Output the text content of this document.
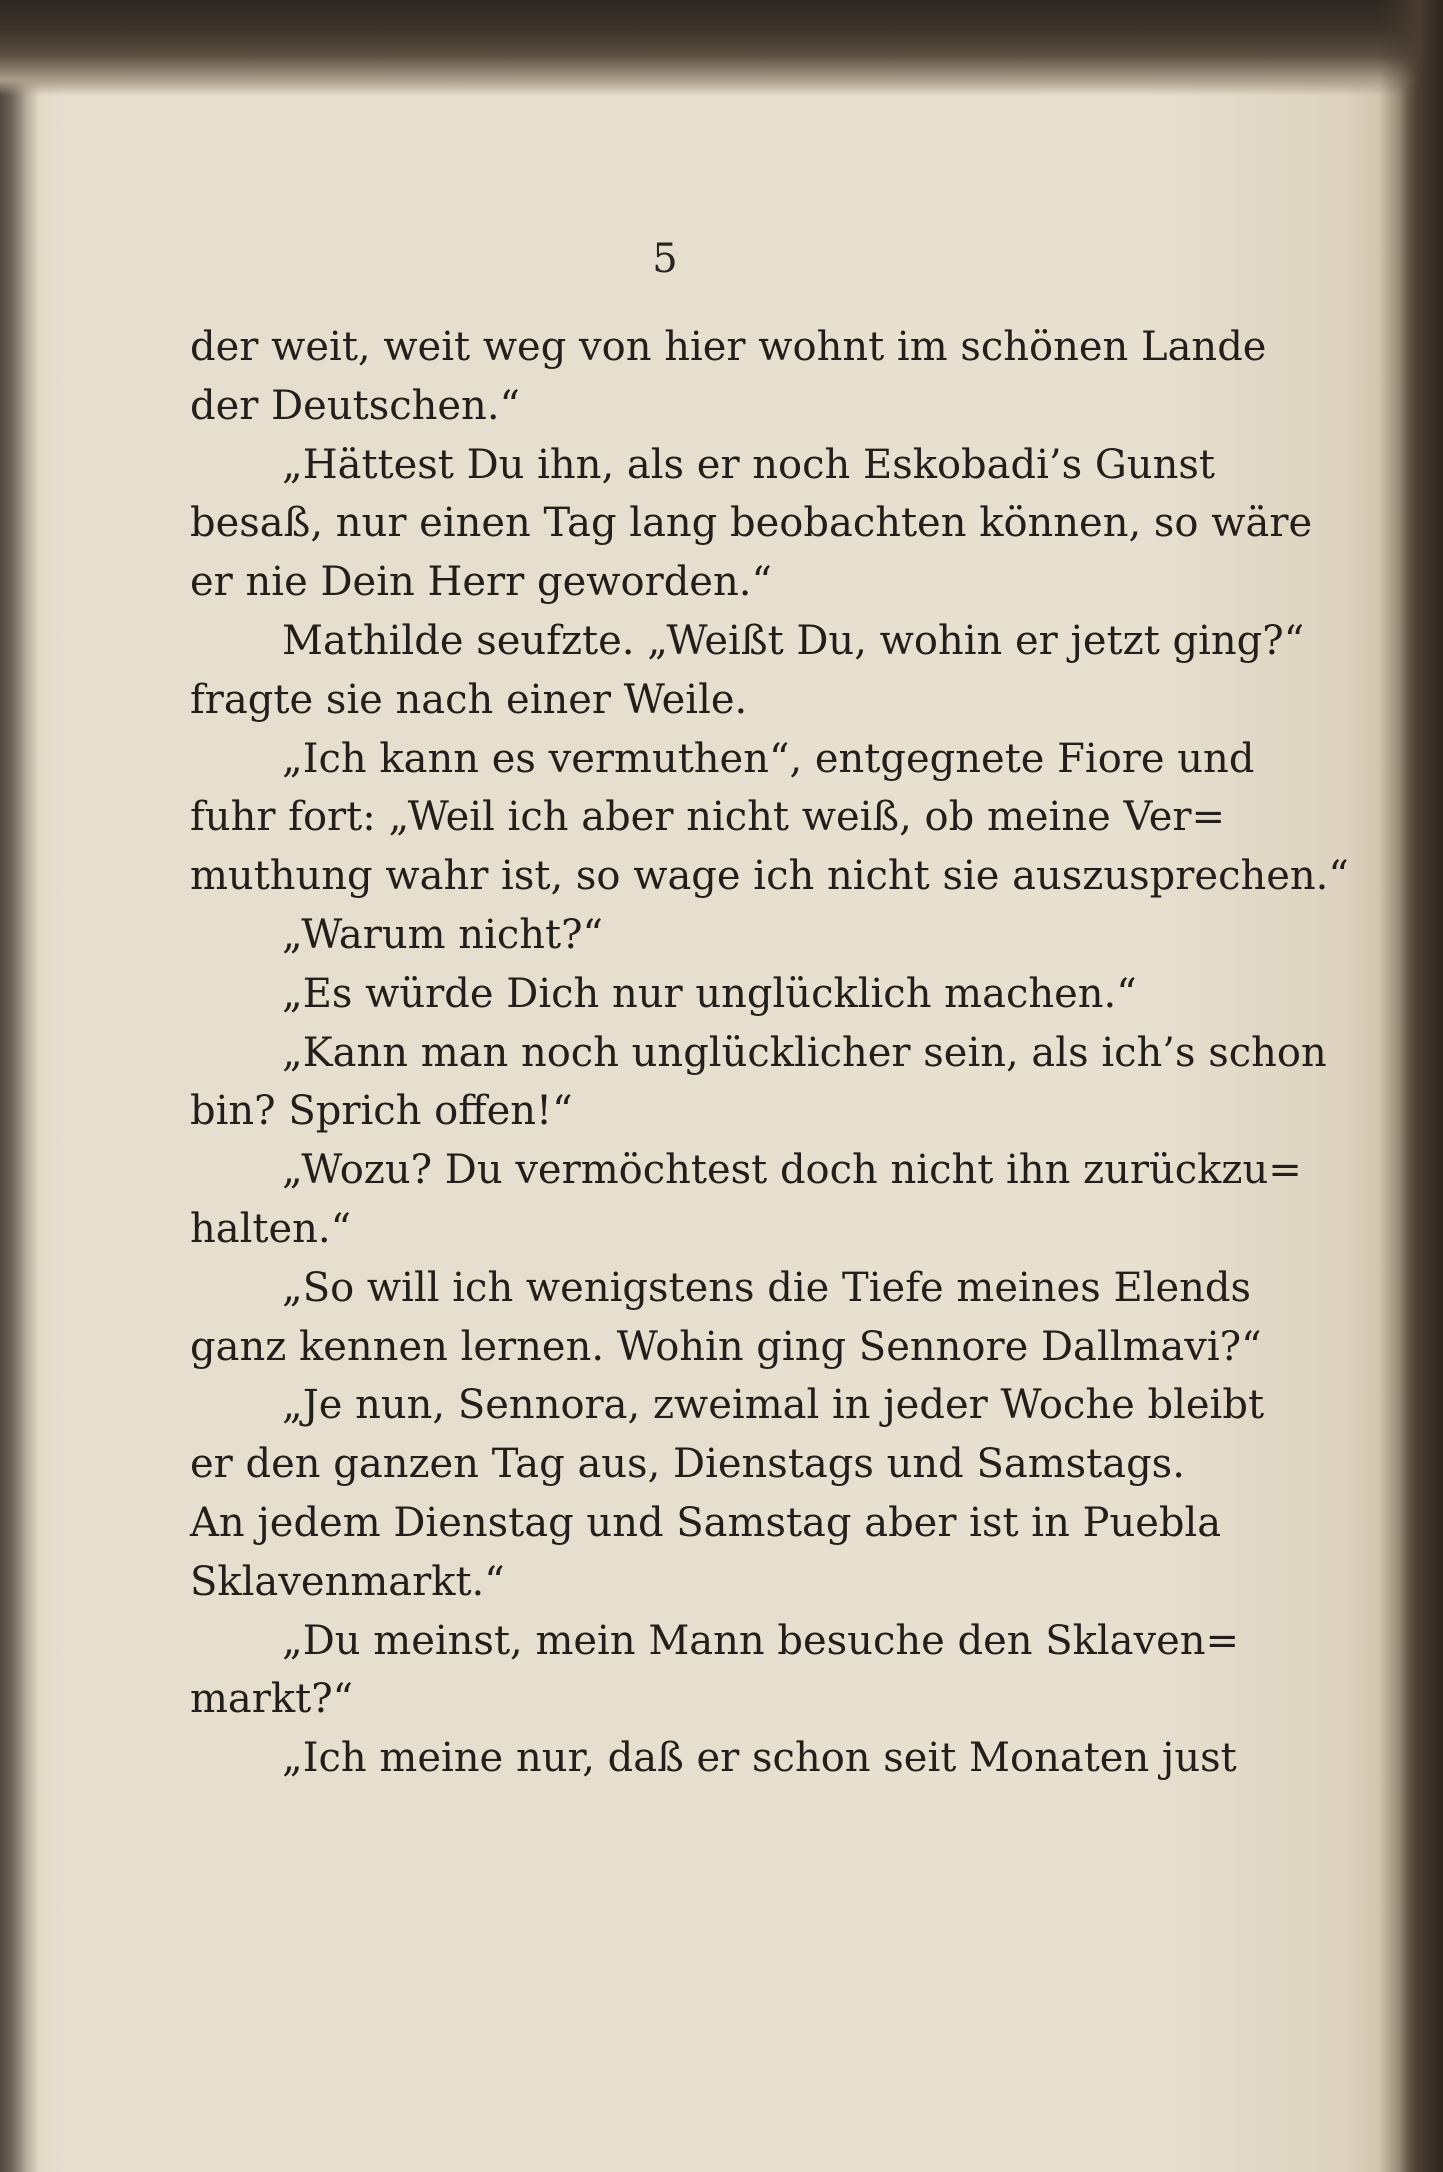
5
der weit, weit weg von hier wohnt im schönen Lande
der Deutschen.“
„Hättest Du ihn, als er noch Eskobadi’s Gunst
besaß, nur einen Tag lang beobachten können, so wäre
er nie Dein Herr geworden.“
Mathilde seufzte. „Weißt Du, wohin er jetzt ging?“
fragte sie nach einer Weile.
„Ich kann es vermuthen“, entgegnete Fiore und
fuhr fort: „Weil ich aber nicht weiß, ob meine Ver=
muthung wahr ist, so wage ich nicht sie auszusprechen.“
„Warum nicht?“
„Es würde Dich nur unglücklich machen.“
„Kann man noch unglücklicher sein, als ich’s schon
bin? Sprich offen!“
„Wozu? Du vermöchtest doch nicht ihn zurückzu=
halten.“
„So will ich wenigstens die Tiefe meines Elends
ganz kennen lernen. Wohin ging Sennore Dallmavi?“
„Je nun, Sennora, zweimal in jeder Woche bleibt
er den ganzen Tag aus, Dienstags und Samstags.
An jedem Dienstag und Samstag aber ist in Puebla
Sklavenmarkt.“
„Du meinst, mein Mann besuche den Sklaven=
markt?“
„Ich meine nur, daß er schon seit Monaten just
